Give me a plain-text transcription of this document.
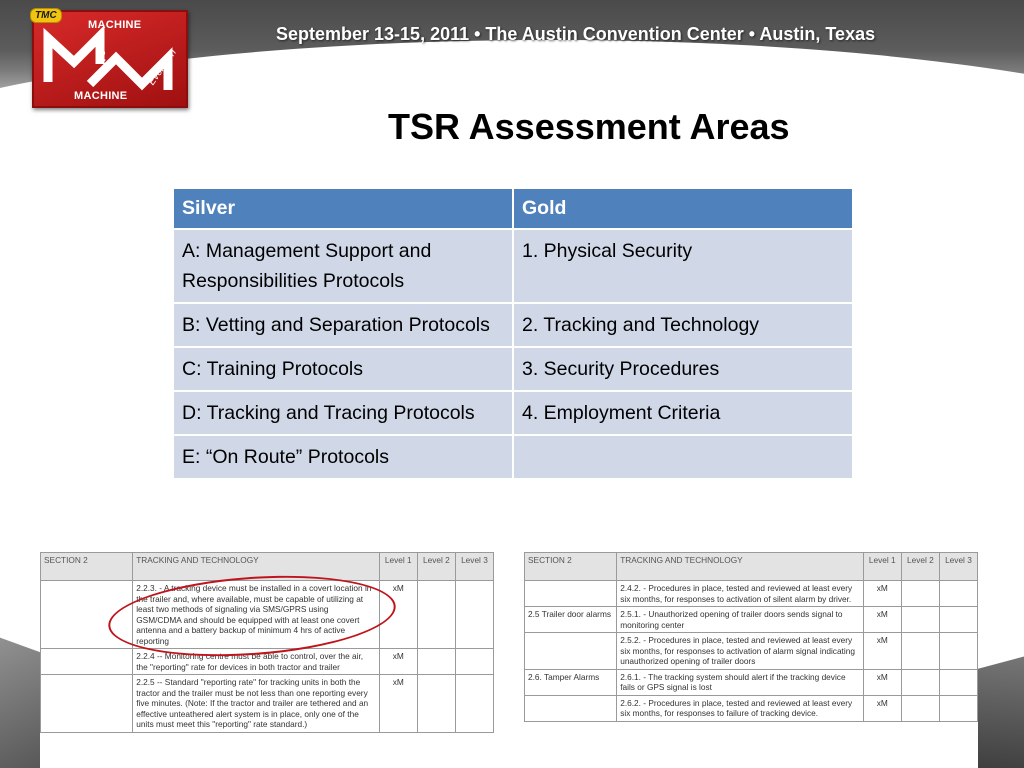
TMC
MACHINE
2
MACHINE
Evolution
September 13-15, 2011 • The Austin Convention Center • Austin, Texas
TSR Assessment Areas
Silver	Gold
A: Management Support and Responsibilities Protocols	1. Physical Security
B: Vetting and Separation Protocols	2. Tracking and Technology
C: Training Protocols	3. Security Procedures
D: Tracking and Tracing Protocols	4. Employment Criteria
E: “On Route” Protocols	
SECTION 2	TRACKING AND TECHNOLOGY	Level 1	Level 2	Level 3
	2.2.3. - A tracking device must be installed in a covert location in the trailer and, where available, must be capable of utilizing at least two methods of signaling via SMS/GPRS using GSM/CDMA and should be equipped with at least one covert antenna and a battery backup of minimum 4 hrs of active reporting	xM		
	2.2.4 -- Monitoring centre must be able to control, over the air, the "reporting" rate for devices in both tractor and trailer	xM		
	2.2.5 -- Standard "reporting rate" for tracking units in both the tractor and the trailer must be not less than one reporting every five minutes. (Note: If the tractor and trailer are tethered and an effective unteathered alert system is in place, only one of the units must meet this "reporting" rate standard.)	xM		
SECTION 2	TRACKING AND TECHNOLOGY	Level 1	Level 2	Level 3
	2.4.2. - Procedures in place, tested and reviewed at least every six months, for responses to activation of silent alarm by driver.	xM		
2.5 Trailer door alarms	2.5.1. - Unauthorized opening of trailer doors sends signal to monitoring center	xM		
	2.5.2. - Procedures in place, tested and reviewed at least every six months, for responses to activation of alarm signal indicating unauthorized opening of trailer doors	xM		
2.6. Tamper Alarms	2.6.1. - The tracking system should alert if the tracking device fails or GPS signal is lost	xM		
	2.6.2. - Procedures in place, tested and reviewed at least every six months, for responses to failure of tracking device.	xM		
